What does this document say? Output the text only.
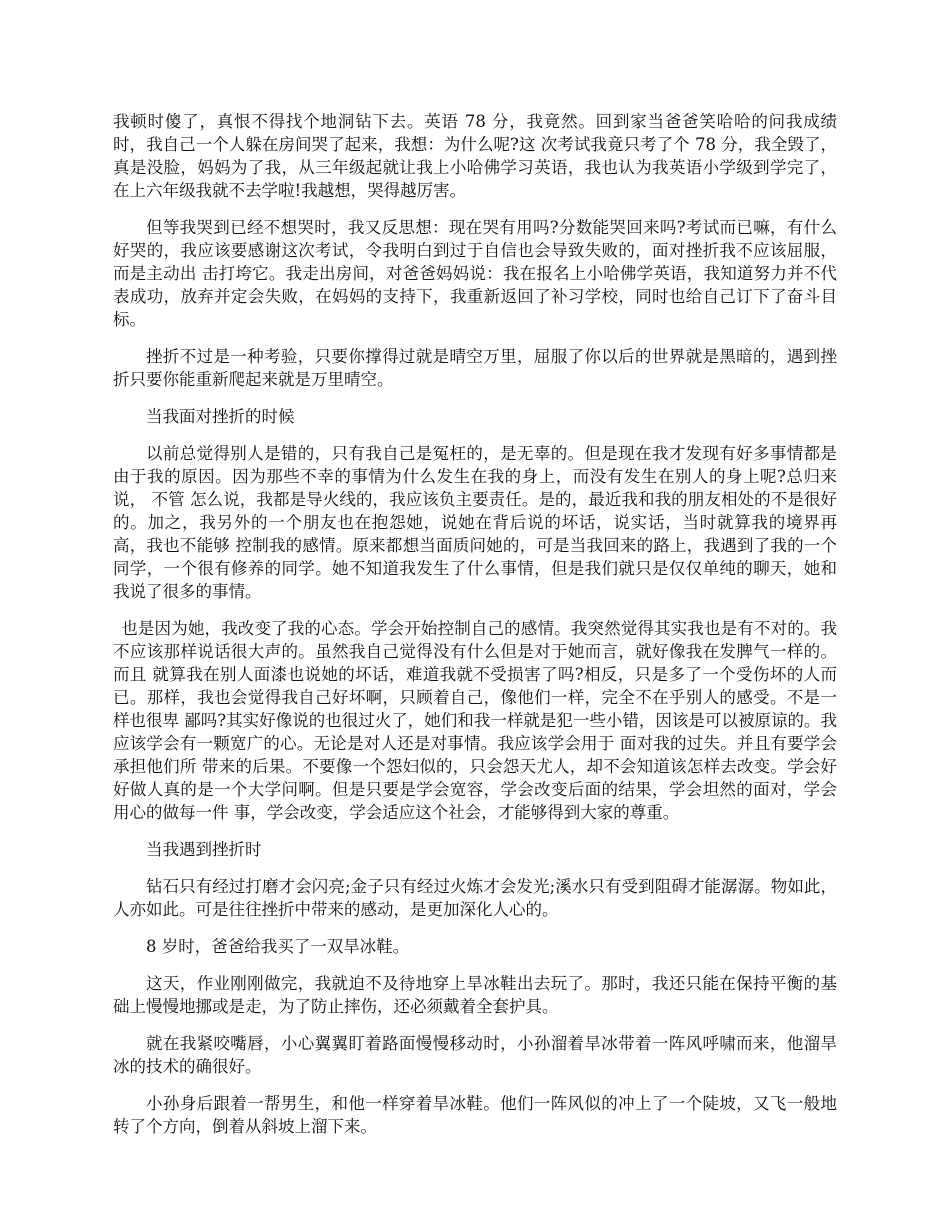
我顿时傻了，真恨不得找个地洞钻下去。英语 78 分，我竟然。回到家当爸爸笑哈哈的问我成绩时，我自己一个人躲在房间哭了起来，我想：为什么呢?这 次考试我竟只考了个 78 分，我全毁了，真是没脸，妈妈为了我，从三年级起就让我上小哈佛学习英语，我也认为我英语小学级到学完了，在上六年级我就不去学啦!我越想，哭得越厉害。

但等我哭到已经不想哭时，我又反思想：现在哭有用吗?分数能哭回来吗?考试而已嘛，有什么好哭的，我应该要感谢这次考试，令我明白到过于自信也会导致失败的，面对挫折我不应该屈服，而是主动出 击打垮它。我走出房间，对爸爸妈妈说：我在报名上小哈佛学英语，我知道努力并不代表成功，放弃并定会失败，在妈妈的支持下，我重新返回了补习学校，同时也给自己订下了奋斗目标。

挫折不过是一种考验，只要你撑得过就是晴空万里，屈服了你以后的世界就是黑暗的，遇到挫折只要你能重新爬起来就是万里晴空。

当我面对挫折的时候

以前总觉得别人是错的，只有我自己是冤枉的，是无辜的。但是现在我才发现有好多事情都是由于我的原因。因为那些不幸的事情为什么发生在我的身上，而没有发生在别人的身上呢?总归来说， 不管 怎么说，我都是导火线的，我应该负主要责任。是的，最近我和我的朋友相处的不是很好的。加之，我另外的一个朋友也在抱怨她，说她在背后说的坏话，说实话，当时就算我的境界再高，我也不能够 控制我的感情。原来都想当面质问她的，可是当我回来的路上，我遇到了我的一个同学，一个很有修养的同学。她不知道我发生了什么事情，但是我们就只是仅仅单纯的聊天，她和我说了很多的事情。

也是因为她，我改变了我的心态。学会开始控制自己的感情。我突然觉得其实我也是有不对的。我不应该那样说话很大声的。虽然我自己觉得没有什么但是对于她而言，就好像我在发脾气一样的。而且 就算我在别人面漆也说她的坏话，难道我就不受损害了吗?相反，只是多了一个受伤坏的人而已。那样，我也会觉得我自己好坏啊，只顾着自己，像他们一样，完全不在乎别人的感受。不是一样也很卑 鄙吗?其实好像说的也很过火了，她们和我一样就是犯一些小错，因该是可以被原谅的。我应该学会有一颗宽广的心。无论是对人还是对事情。我应该学会用于 面对我的过失。并且有要学会承担他们所 带来的后果。不要像一个怨妇似的，只会怨天尤人，却不会知道该怎样去改变。学会好好做人真的是一个大学问啊。但是只要是学会宽容，学会改变后面的结果，学会坦然的面对，学会用心的做每一件 事，学会改变，学会适应这个社会，才能够得到大家的尊重。

当我遇到挫折时

钻石只有经过打磨才会闪亮;金子只有经过火炼才会发光;溪水只有受到阻碍才能潺潺。物如此，人亦如此。可是往往挫折中带来的感动，是更加深化人心的。

8 岁时，爸爸给我买了一双旱冰鞋。

这天，作业刚刚做完，我就迫不及待地穿上旱冰鞋出去玩了。那时，我还只能在保持平衡的基础上慢慢地挪或是走，为了防止摔伤，还必须戴着全套护具。

就在我紧咬嘴唇，小心翼翼盯着路面慢慢移动时，小孙溜着旱冰带着一阵风呼啸而来，他溜旱冰的技术的确很好。

小孙身后跟着一帮男生，和他一样穿着旱冰鞋。他们一阵风似的冲上了一个陡坡，又飞一般地转了个方向，倒着从斜坡上溜下来。
